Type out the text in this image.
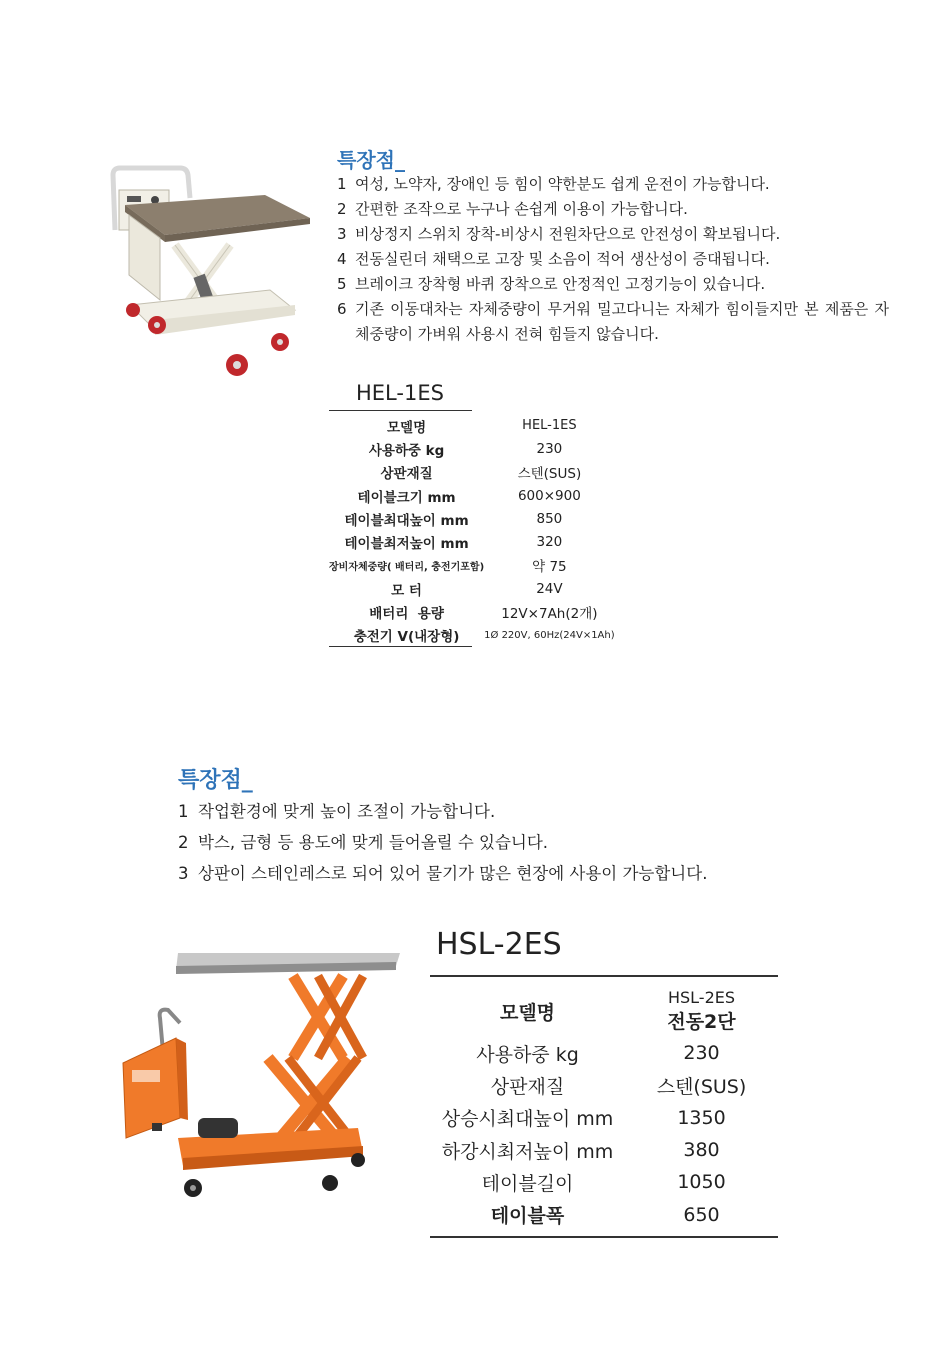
특장점_
1 여성, 노약자, 장애인 등 힘이 약한분도 쉽게 운전이 가능합니다.
2 간편한 조작으로 누구나 손쉽게 이용이 가능합니다.
3 비상정지 스위치 장착-비상시 전원차단으로 안전성이 확보됩니다.
4 전동실린더 채택으로 고장 및 소음이 적어 생산성이 증대됩니다.
5 브레이크 장착형 바퀴 장착으로 안정적인 고정기능이 있습니다.
6 기존 이동대차는 자체중량이 무거워 밀고다니는 자체가 힘이들지만 본 제품은 자체중량이 가벼워 사용시 전혀 힘들지 않습니다.
HEL-1ES
모델명	HEL-1ES
사용하중 kg	230
상판재질	스텐(SUS)
테이블크기 mm	600×900
테이블최대높이 mm	850
테이블최저높이 mm	320
장비자체중량( 배터리, 충전기포함)	약 75
모 터	24V
배터리  용량	12V×7Ah(2개)
충전기 V(내장형)	1Ø 220V, 60Hz(24V×1Ah)
특장점_
1 작업환경에 맞게 높이 조절이 가능합니다.
2 박스, 금형 등 용도에 맞게 들어올릴 수 있습니다.
3 상판이 스테인레스로 되어 있어 물기가 많은 현장에 사용이 가능합니다.
HSL-2ES
모델명	HSL-2ES
전동2단

사용하중 kg	230
상판재질	스텐(SUS)
상승시최대높이 mm	1350
하강시최저높이 mm	380
테이블길이	1050
테이블폭	650
